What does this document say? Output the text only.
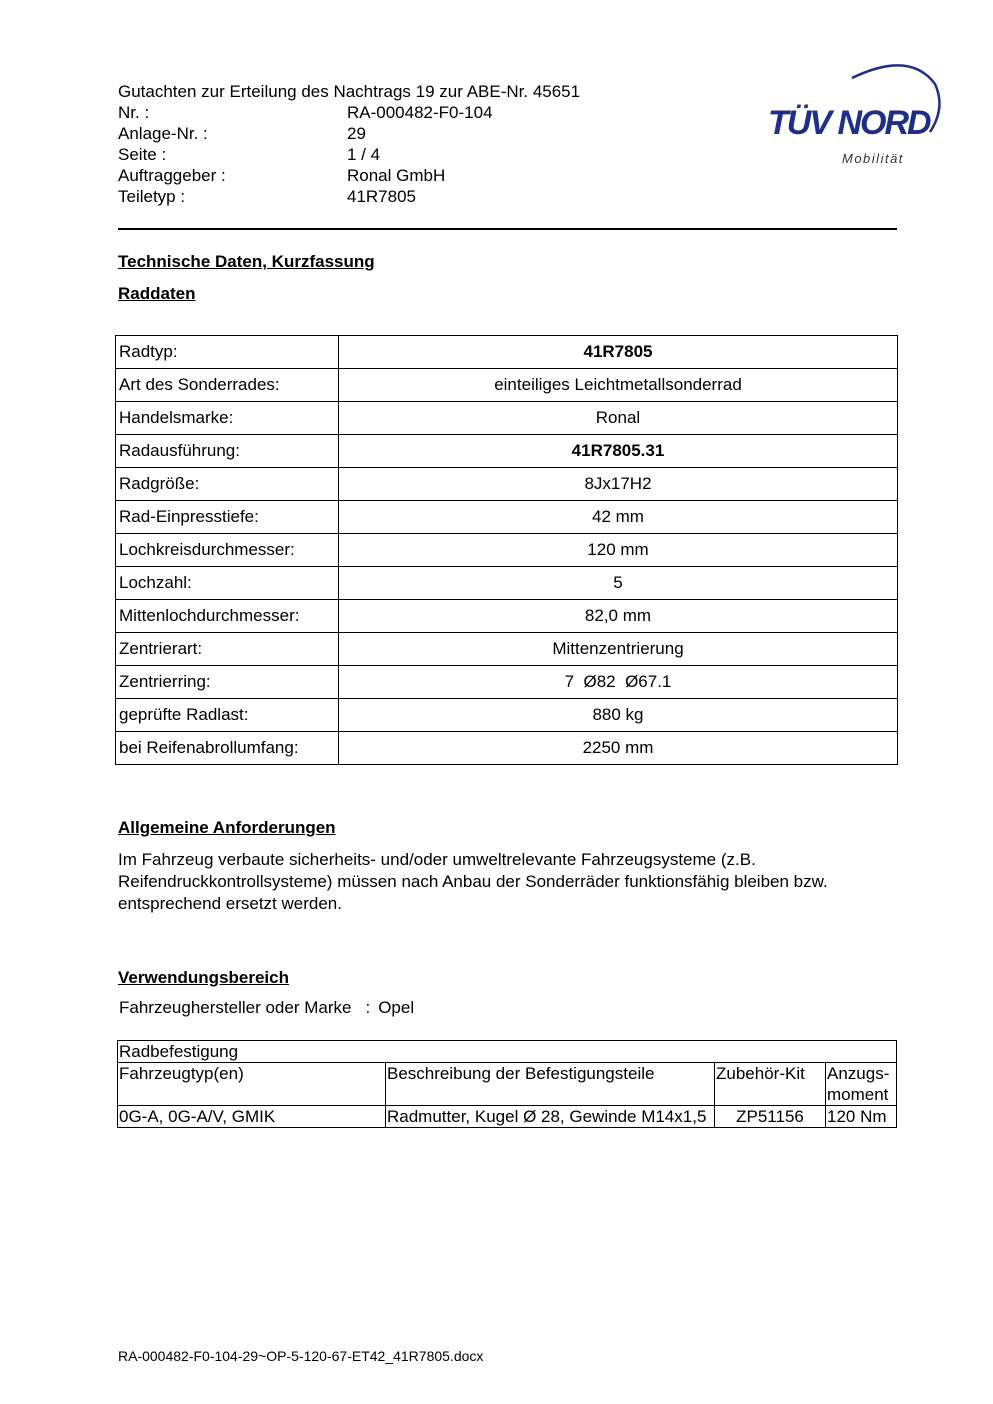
Gutachten zur Erteilung des Nachtrags 19 zur ABE-Nr. 45651
Nr. :	RA-000482-F0-104
Anlage-Nr. :	29
Seite :	1 / 4
Auftraggeber :	Ronal GmbH
Teiletyp :	41R7805
TÜV NORD
Mobilität
Technische Daten, Kurzfassung
Raddaten
Radtyp:	41R7805
Art des Sonderrades:	einteiliges Leichtmetallsonderrad
Handelsmarke:	Ronal
Radausführung:	41R7805.31
Radgröße:	8Jx17H2
Rad-Einpresstiefe:	42 mm
Lochkreisdurchmesser:	120 mm
Lochzahl:	5
Mittenlochdurchmesser:	82,0 mm
Zentrierart:	Mittenzentrierung
Zentrierring:	7  Ø82  Ø67.1
geprüfte Radlast:	880 kg
bei Reifenabrollumfang:	2250 mm
Allgemeine Anforderungen
Im Fahrzeug verbaute sicherheits- und/oder umweltrelevante Fahrzeugsysteme (z.B. Reifendruckkontrollsysteme) müssen nach Anbau der Sonderräder funktionsfähig bleiben bzw. entsprechend ersetzt werden.
Verwendungsbereich
Fahrzeughersteller oder Marke : Opel
Radbefestigung			
Fahrzeugtyp(en)	Beschreibung der Befestigungsteile	Zubehör-Kit	Anzugs-moment
0G-A, 0G-A/V, GMIK	Radmutter, Kugel Ø 28, Gewinde M14x1,5	ZP51156	120 Nm
RA-000482-F0-104-29~OP-5-120-67-ET42_41R7805.docx
